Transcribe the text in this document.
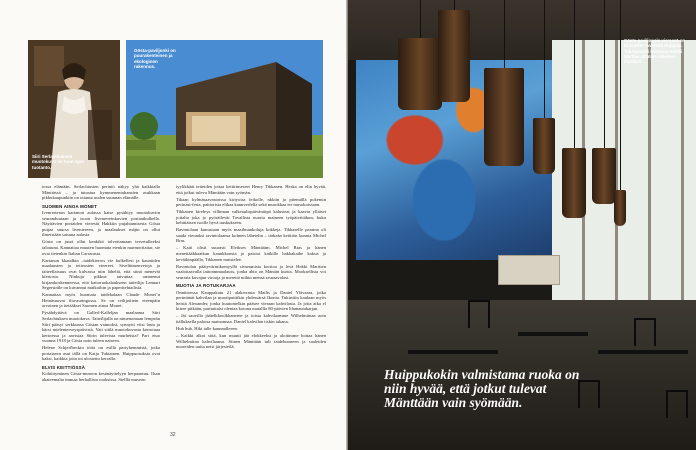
Siiri Serlachiuksen muotokuva on tuon ajan tuotanto.
Gösta-paviljonki on puurakenteinen ja ekologinen rakennus.

tossa elämään. Serlachiusten perintö näkyy yhä kaikkialla Mänttässä – ja tutustua kymmenentuhansien asukkaan pikkukaupunkiin on ottanut uuden suunnan elämälle.

SUOMEN AINOA MONET

Ivenrerierun kartanon aulassa katse pysähtyy muotokuviin seuranduutaan ja isoon Iivenrereinkuvien portaatkulkella. Näyttävien portaiden vierestä Hakkiin pujahtamisesta Gösta puijaa suursa liveniereen, ja maalaukset mäjin on ollut ilmeistään saisana aulasta.

Gösta on juuri ollut kenkikö tolvottamaan tervetulleeksi talouuna. Kannattaa muuten huomata etenkin marmoritaitar, sie ovat tietenkin Italian Carrarasta.

Kartanon kkaudkin –taidekierros vie kulkellesi ja kauniiden maalausten ja teiteosten vieereet. Sivelttimenvetoja ja taiteellaisuus ovat kulvassa niin läheltä, että siinä menevät kiertosta. Niukuja pikkua taivuttaa ommenut kirjamkoskenneessa, että kattoruokalaukseen taiteilija Lennart Segerstråle on kuvannut maikoihin ja paperitehtailista.

Kannattaa myös huomata taidekalaan Claude Monet’n Heinäsuovat ilta-auringossa. Se on reilijoittein eteenpäin arvoinen ja tietääksei Suomen ainoa Monet.

Pysähdyttävä on Gallerl-Kalleljan maalaama Siiri Serlachiuksen muotokuva. Taiteilijalla on nimenomaan lempeän Siiri pääsyt serkkunsa Göstan vaimoksi, synnytti viisi lasta ja kärsi mielenterveyspäivistä. Vait siiilä muotokuvasta kerrotuaa kertoessa ja aavistaa Siirin tulevista murheista? Pari etuo vuonna 1918 ja Gösta noin tuleen naiseen.

Helene Schjerfbeckin töitä on esillä pariyhemmistä, jotka portaiseen asut tällä on Katja Tukiainen. Huippuosuksia ovat kaksi, kaikkia joita tot ulostettu kerralla.

ELVIS KEITTIÖSSÄ

Kohtittyminen Gösta-museon kesänäyttelyyn herpaantuu. Ilsan akateemalta tmmaa herhallista rooksissa. Sielllä museon

tyylikkäät tetteiden jottaa kettirimeseet Henry Tikkanen. Heska on elin hyvää, että jotkut tuleva Mänttään vain syömän.

Tikaan kylmäsaavastoissa kiriyoisa feikolle, nkkiin ja pitemällä pokemin perinasi-ferta, paittorista elikaa kannverfella sekä murokkaa ert musokoissaan.

Tikkanen kireleys villinnan valkeaulispäivänttipä kalusteat ja kaavia ylläiset joitalta joka jo pyöräilevät Tavallista nuorta maineen työpäivittäkun, kuku kehittäisen isoille hyvä uuskukseen.

Ravintolaan kunustaan myös maailmankoluja kokkeja. Tikkaselle paraina oli saada vieraaksi ravintolaansa kolmen lähetelin – tärkeän keittiön kunnia Michel Bras.

– Kaiti olisit suurasti Elvikses Mänttääm. Michel Bras ja hänen menettääkkaatkan kaunkkonsta ja paistot kaikille hakkakaihe kokua ja kevätkinpäälla, Tikkanen muistelee.

Ravintolan päätyvärmikomyyllä sivummista koritoa ja levä Hekki Marttien vaaloitaavalla tattonmmaalauss, jonka ahto on Mäntän kurtta. Mooksellista voi seuraria kuvajan virooja ja merettä mihin mensä seuraavalasi.

MUOTIA JA ROTUKARJAA

Onnittoessa Kauppakatu 21 alakerrasta Mailis ja Daniel Ylävaara, joika perintänät kahvilan ja muotipuitiikin yhdessärsä Ikonia. Tukirttiin kaulaan myös heistä Alexander, jonka huutomelkin pääsee vieraan kahvilasta. Ja jotta aika el kiiree pitkään, parituttaisi olentaa kotona matallla 80-päivien lihanautakarjan.

– Jäi sauvilla jäätelkkoolkkanerne ja toista kahvilaamme Wilhelmiinaa aoin itälluksella paloisa mainonnaa. Daniel kahvilan tiskin takana.

Hub hub, Hiki talle kaunnalleeen.

– Kaikki alkoi siitä, kun muutti jää elokkeeksi ja aloitimme hottaa hänen Wilhelmiina kahvilaansa. Siinen Mänttään tuli taidehuoneen ja saaleiden nuoreiden uutta netsi järjestetlä.

32
Gösta-paviljongin vieressä on Huoneller ravintola Huppula. Tukevarantti kortsista Heikki Marttien Mäntän aiheinen maalaus.
Huippukokin valmistama ruoka on niin hyvää, että jotkut tulevat Mänttään vain syömään.
